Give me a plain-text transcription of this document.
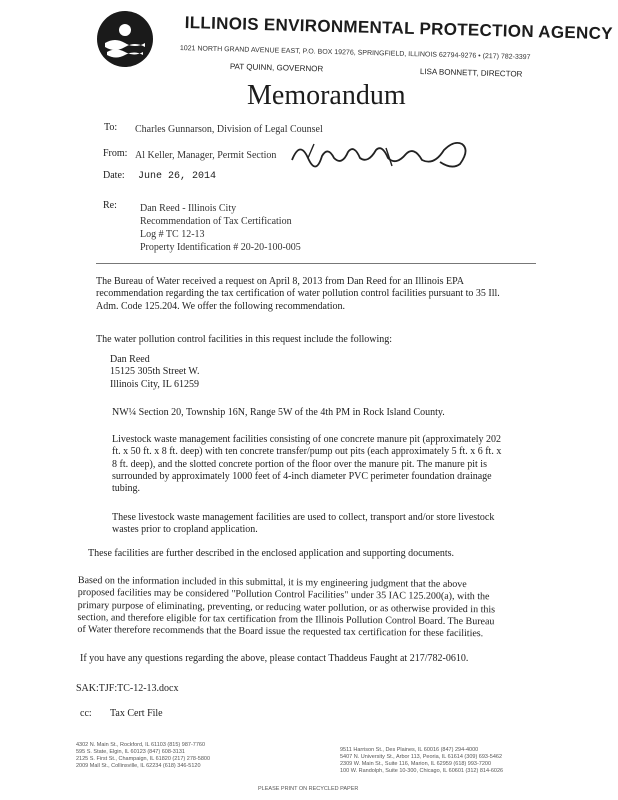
ILLINOIS ENVIRONMENTAL PROTECTION AGENCY
1021 NORTH GRAND AVENUE EAST, P.O. BOX 19276, SPRINGFIELD, ILLINOIS 62794-9276 • (217) 782-3397
PAT QUINN, GOVERNOR	LISA BONNETT, DIRECTOR
Memorandum
To: Charles Gunnarson, Division of Legal Counsel
From: Al Keller, Manager, Permit Section
Date: June 26, 2014
Re: Dan Reed - Illinois City
Recommendation of Tax Certification
Log # TC 12-13
Property Identification # 20-20-100-005
The Bureau of Water received a request on April 8, 2013 from Dan Reed for an Illinois EPA
recommendation regarding the tax certification of water pollution control facilities pursuant to 35 Ill.
Adm. Code 125.204. We offer the following recommendation.
The water pollution control facilities in this request include the following:
Dan Reed
15125 305th Street W.
Illinois City, IL 61259
NW¼ Section 20, Township 16N, Range 5W of the 4th PM in Rock Island County.
Livestock waste management facilities consisting of one concrete manure pit (approximately 202
ft. x 50 ft. x 8 ft. deep) with ten concrete transfer/pump out pits (each approximately 5 ft. x 6 ft. x
8 ft. deep), and the slotted concrete portion of the floor over the manure pit. The manure pit is
surrounded by approximately 1000 feet of 4-inch diameter PVC perimeter foundation drainage
tubing.
These livestock waste management facilities are used to collect, transport and/or store livestock
wastes prior to cropland application.
These facilities are further described in the enclosed application and supporting documents.
Based on the information included in this submittal, it is my engineering judgment that the above
proposed facilities may be considered "Pollution Control Facilities" under 35 IAC 125.200(a), with the
primary purpose of eliminating, preventing, or reducing water pollution, or as otherwise provided in this
section, and therefore eligible for tax certification from the Illinois Pollution Control Board. The Bureau
of Water therefore recommends that the Board issue the requested tax certification for these facilities.
If you have any questions regarding the above, please contact Thaddeus Faught at 217/782-0610.
SAK:TJF:TC-12-13.docx
cc: Tax Cert File
4302 N. Main St., Rockford, IL 61103 (815) 987-7760
595 S. State, Elgin, IL 60123 (847) 608-3131
2125 S. First St., Champaign, IL 61820 (217) 278-5800
2009 Mall St., Collinsville, IL 62234 (618) 346-5120
9511 Harrison St., Des Plaines, IL 60016 (847) 294-4000
5407 N. University St., Arbor 113, Peoria, IL 61614 (309) 693-5462
2309 W. Main St., Suite 116, Marion, IL 62959 (618) 993-7200
100 W. Randolph, Suite 10-300, Chicago, IL 60601 (312) 814-6026
PLEASE PRINT ON RECYCLED PAPER
